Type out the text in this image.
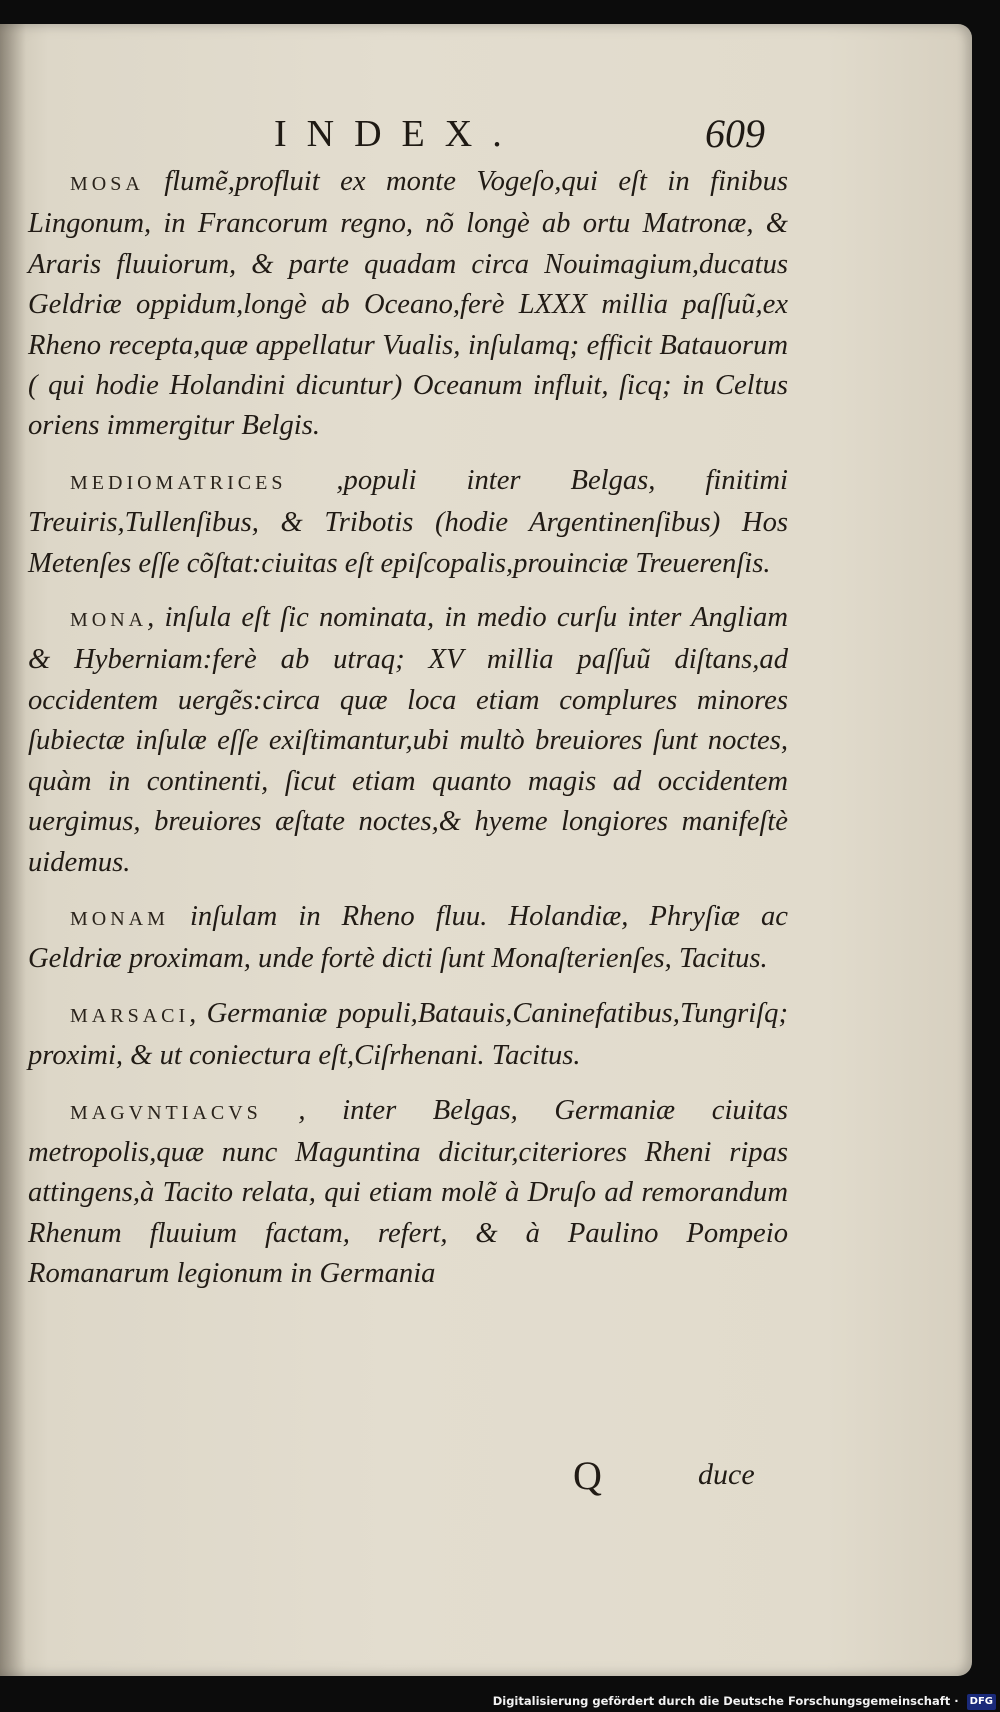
INDEX.	609

MOSA flumẽ,profluit ex monte Vogeſo,qui eſt in finibus Lingonum, in Francorum regno, nõ longè ab ortu Matronæ, & Araris fluuiorum, & parte quadam circa Nouimagium,ducatus Geldriæ oppidum,longè ab Oceano,ferè LXXX millia paſſuũ,ex Rheno recepta,quæ appellatur Vualis, inſulamq; efficit Batauorum ( qui hodie Holandini dicuntur) Oceanum influit, ſicq; in Celtus oriens immergitur Belgis.

MEDIOMATRICES ,populi inter Belgas, finitimi Treuiris,Tullenſibus, & Tribotis (hodie Argentinenſibus) Hos Metenſes eſſe cõſtat:ciuitas eſt epiſcopalis,prouinciæ Treuerenſis.

MONA, inſula eſt ſic nominata, in medio curſu inter Angliam & Hyberniam:ferè ab utraq; XV millia paſſuũ diſtans,ad occidentem uergẽs:circa quæ loca etiam complures minores ſubiectæ inſulæ eſſe exiſtimantur,ubi multò breuiores ſunt noctes, quàm in continenti, ſicut etiam quanto magis ad occidentem uergimus, breuiores æſtate noctes,& hyeme longiores manifeſtè uidemus.

MONAM inſulam in Rheno fluu. Holandiæ, Phryſiæ ac Geldriæ proximam, unde fortè dicti ſunt Monaſterienſes, Tacitus.

MARSACI, Germaniæ populi,Batauis,Caninefatibus,Tungriſq; proximi, & ut coniectura eſt,Ciſrhenani. Tacitus.

MAGVNTIACVS , inter Belgas, Germaniæ ciuitas metropolis,quæ nunc Maguntina dicitur,citeriores Rheni ripas attingens,à Tacito relata, qui etiam molẽ à Druſo ad remorandum Rhenum fluuium factam, refert, & à Paulino Pompeio Romanarum legionum in Germania

Q	duce
Digitalisierung gefördert durch die Deutsche Forschungsgemeinschaft · DFG
